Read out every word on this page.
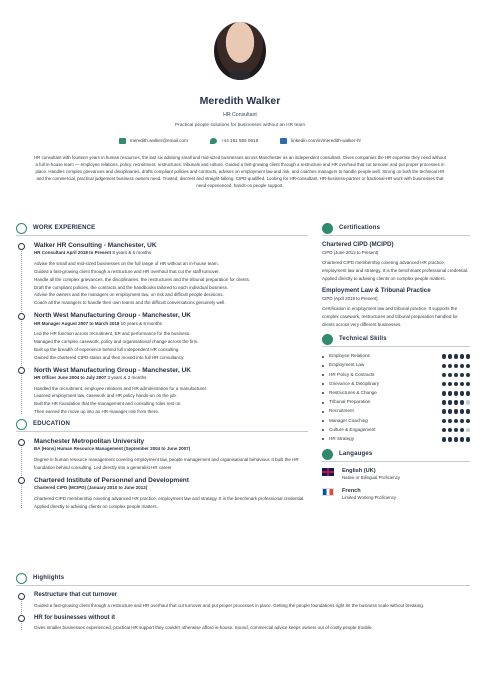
Meredith Walker
HR Consultant
Practical people solutions for businesses without an HR team
meredith.walker@email.com	+44 161 555 0616	linkedin.com/in/meredith-walker-hr
HR consultant with fourteen years in human resources, the last six advising small and mid-sized businesses across Manchester as an independent consultant. Gives companies the HR expertise they need without a full in-house team — employee relations, policy, recruitment, restructures, tribunals and culture. Guided a fast-growing client through a restructure and HR overhaul that cut turnover and put proper processes in place. Handles complex grievances and disciplinaries, drafts compliant policies and contracts, advises on employment law and risk, and coaches managers to handle people well. Strong on both the technical HR and the commercial, practical judgement business owners need. Trusted, discreet and straight-talking. CIPD-qualified. Looking for HR-consultant, HR-business-partner or fractional-HR work with businesses that need experienced, hands-on people support.
WORK EXPERIENCE
Walker HR Consulting - Manchester, UK
HR Consultant April 2018 to Present 8 years & 5 months
Advise the small and mid-sized businesses on the full range of HR without an in-house team.
Guided a fast-growing client through a restructure and HR overhaul that cut the staff turnover.
Handle all the complex grievances, the disciplinaries, the restructures and the tribunal preparation for clients.
Draft the compliant policies, the contracts and the handbooks tailored to each individual business.
Advise the owners and the managers on employment law, on risk and difficult people decisions.
Coach all the managers to handle their own teams and the difficult conversations genuinely well.
North West Manufacturing Group - Manchester, UK
HR Manager August 2007 to March 2018 10 years & 8 months
Led the HR function across recruitment, ER and performance for the business.
Managed the complex casework, policy and organisational change across the firm.
Built up the breadth of experience behind full independent HR consulting.
Gained the chartered CIPD status and then moved into full HR consultancy.
North West Manufacturing Group - Manchester, UK
HR Officer June 2004 to July 2007 3 years & 2 months
Handled the recruitment, employee relations and HR administration for a manufacturer.
Learned employment law, casework and HR policy hands-on on the job.
Built the HR foundation that the management and consulting roles rest on.
Then earned the move up into an HR-manager role from there.
EDUCATION
Manchester Metropolitan University
BA (Hons) Human Resource Management (September 2004 to June 2007)
Degree in human resource management covering employment law, people management and organisational behaviour. It built the HR foundation behind consulting. Led directly into a generalist HR career
Chartered Institute of Personnel and Development
Chartered CIPD (MCIPD) (January 2010 to June 2012)
Chartered CIPD membership covering advanced HR practice, employment law and strategy. It is the benchmark professional credential. Applied directly to advising clients on complex people matters.
Certifications
Chartered CIPD (MCIPD)
CIPD (June 2012 to Present)
Chartered CIPD membership covering advanced HR practice, employment law and strategy. It is the benchmark professional credential. Applied directly to advising clients on complex people matters.
Employment Law & Tribunal Practice
CIPD (April 2019 to Present)
Certification in employment law and tribunal practice. It supports the complex casework, restructures and tribunal preparation handled for clients across very different businesses.
Technical Skills
Employee Relations
Employment Law
HR Policy & Contracts
Grievance & Disciplinary
Restructures & Change
Tribunal Preparation
Recruitment
Manager Coaching
Culture & Engagement
HR Strategy
Langauges
English (UK)
Native or Bilingual Proficiency
French
Limited Working Proficiency
Highlights
Restructure that cut turnover
Guided a fast-growing client through a restructure and HR overhaul that cut turnover and put proper processes in place. Getting the people foundations right let the business scale without breaking.
HR for businesses without it
Gives smaller businesses experienced, practical HR support they couldn't otherwise afford in-house. Sound, commercial advice keeps owners out of costly people trouble.
